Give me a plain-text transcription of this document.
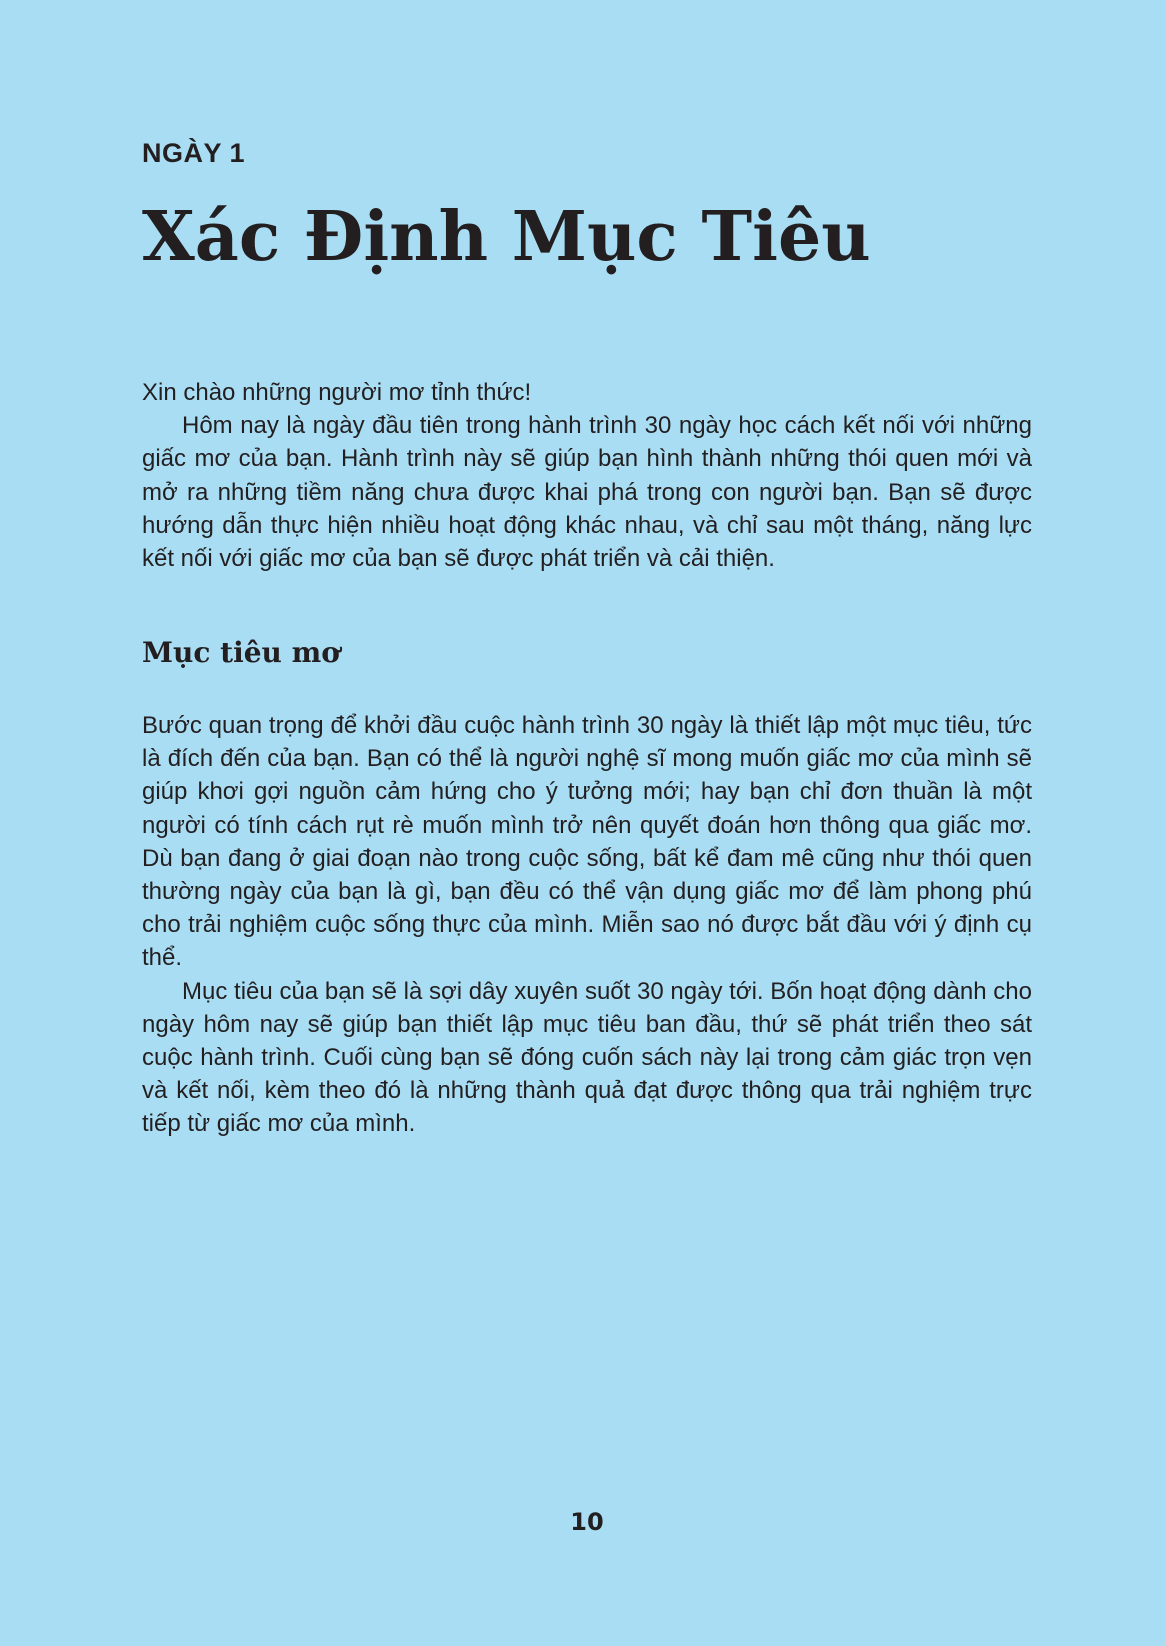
NGÀY 1
Xác Định Mục Tiêu

Xin chào những người mơ tỉnh thức!

Hôm nay là ngày đầu tiên trong hành trình 30 ngày học cách kết nối với những giấc mơ của bạn. Hành trình này sẽ giúp bạn hình thành những thói quen mới và mở ra những tiềm năng chưa được khai phá trong con người bạn. Bạn sẽ được hướng dẫn thực hiện nhiều hoạt động khác nhau, và chỉ sau một tháng, năng lực kết nối với giấc mơ của bạn sẽ được phát triển và cải thiện.

Mục tiêu mơ

Bước quan trọng để khởi đầu cuộc hành trình 30 ngày là thiết lập một mục tiêu, tức là đích đến của bạn. Bạn có thể là người nghệ sĩ mong muốn giấc mơ của mình sẽ giúp khơi gợi nguồn cảm hứng cho ý tưởng mới; hay bạn chỉ đơn thuần là một người có tính cách rụt rè muốn mình trở nên quyết đoán hơn thông qua giấc mơ. Dù bạn đang ở giai đoạn nào trong cuộc sống, bất kể đam mê cũng như thói quen thường ngày của bạn là gì, bạn đều có thể vận dụng giấc mơ để làm phong phú cho trải nghiệm cuộc sống thực của mình. Miễn sao nó được bắt đầu với ý định cụ thể.

Mục tiêu của bạn sẽ là sợi dây xuyên suốt 30 ngày tới. Bốn hoạt động dành cho ngày hôm nay sẽ giúp bạn thiết lập mục tiêu ban đầu, thứ sẽ phát triển theo sát cuộc hành trình. Cuối cùng bạn sẽ đóng cuốn sách này lại trong cảm giác trọn vẹn và kết nối, kèm theo đó là những thành quả đạt được thông qua trải nghiệm trực tiếp từ giấc mơ của mình.

10
